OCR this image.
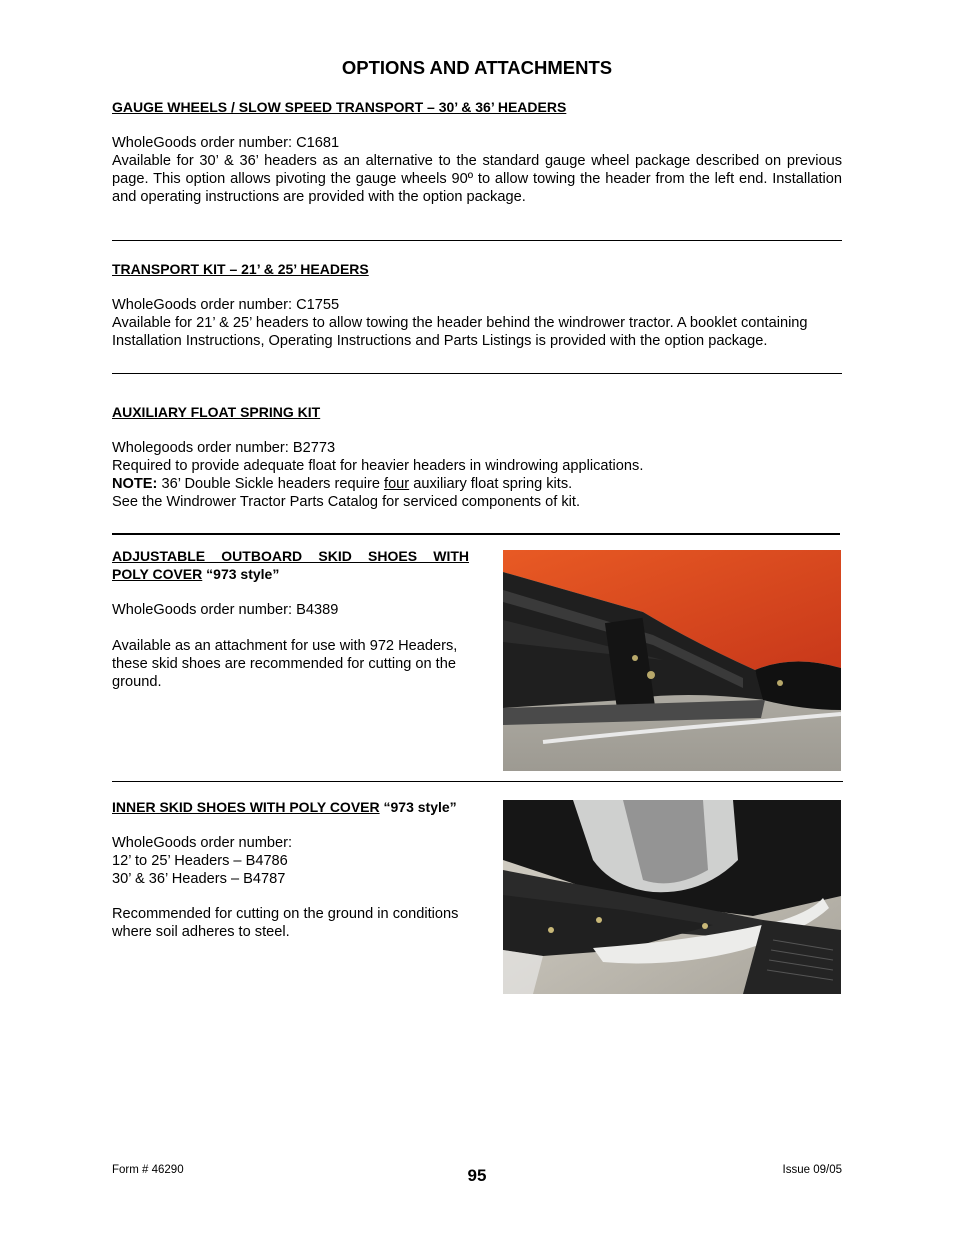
OPTIONS AND ATTACHMENTS
GAUGE WHEELS / SLOW SPEED TRANSPORT – 30’ & 36’ HEADERS

WholeGoods order number: C1681

Available for 30’ & 36’ headers as an alternative to the standard gauge wheel package described on previous page. This option allows pivoting the gauge wheels 90º to allow towing the header from the left end. Installation and operating instructions are provided with the option package.

TRANSPORT KIT – 21’ & 25’ HEADERS

WholeGoods order number: C1755

Available for 21’ & 25’ headers to allow towing the header behind the windrower tractor. A booklet containing Installation Instructions, Operating Instructions and Parts Listings is provided with the option package.

AUXILIARY FLOAT SPRING KIT

Wholegoods order number: B2773

Required to provide adequate float for heavier headers in windrowing applications.

NOTE: 36’ Double Sickle headers require four auxiliary float spring kits.

See the Windrower Tractor Parts Catalog for serviced components of kit.

ADJUSTABLE OUTBOARD SKID SHOES WITH
POLY COVER “973 style”

WholeGoods order number: B4389

Available as an attachment for use with 972 Headers, these skid shoes are recommended for cutting on the ground.

INNER SKID SHOES WITH POLY COVER “973 style”

WholeGoods order number:

12’ to 25’ Headers – B4786

30’ & 36’ Headers – B4787

Recommended for cutting on the ground in conditions where soil adheres to steel.

Form # 46290	95	Issue 09/05
